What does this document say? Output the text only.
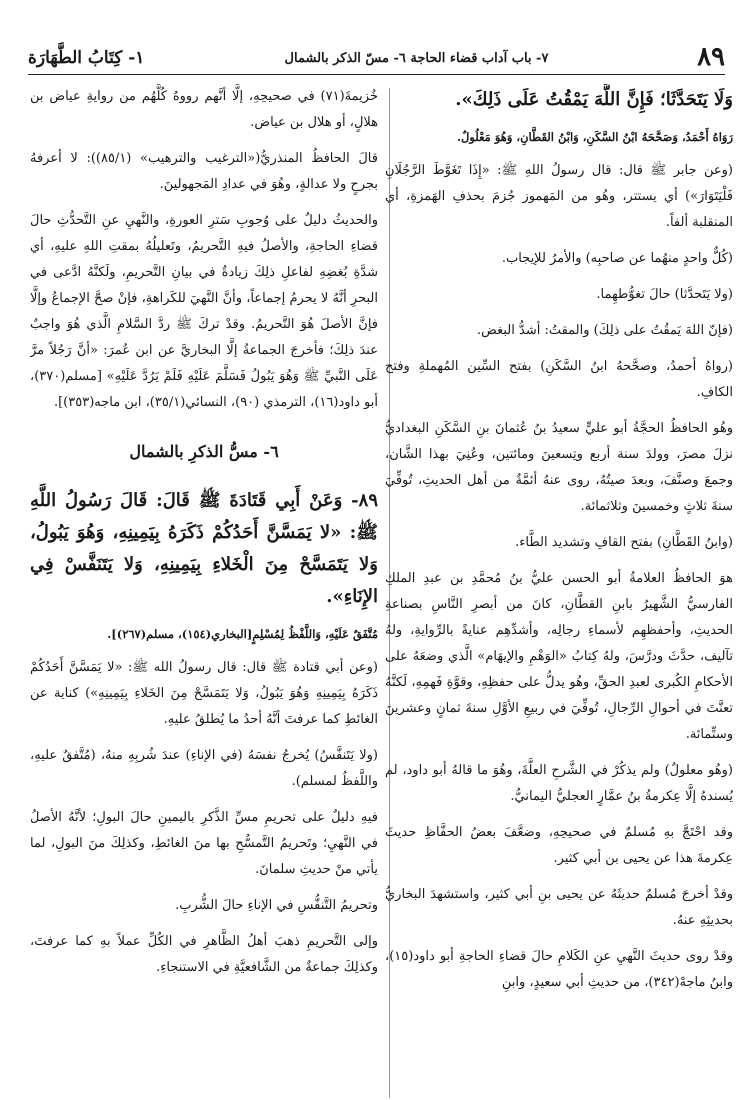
٨٩
٧- باب آداب قضاء الحاجة ٦- مسّ الذكر بالشمال
١- كِتَابُ الطَّهَارَة

وَلَا يَتَحَدَّثَا؛ فَإِنَّ اللَّهَ يَمْقُتُ عَلَى ذَلِكَ».

رَوَاهُ أَحْمَدُ، وَصَحَّحَهُ ابْنُ السَّكَنِ، وَابْنُ القَطَّانِ، وَهُوَ مَعْلُولٌ.

(وعن جابر ﷺ قال: قال رسولُ اللهِ ﷺ: «إِذَا تَغَوَّطَ الرَّجُلَانِ فَلْيَتَوَارَ») أي يستتر، وهُو من المَهموز جُزمَ بحذفِ الهَمزةِ، أي المنقلبة ألفاً.

(كُلٌّ واحدٍ منهُما عن صاحبِه) والأمرُ للإيجاب.

(ولا يَتَحدَّثا) حالَ تغوُّطهِما.

(فإنّ اللهَ يَمقُتُ على ذلِكَ) والمقتُ: أشدُّ البغض.

(رواهُ أحمدُ، وصحَّحهُ ابنُ السَّكَنِ) بفتح السِّين المُهملةِ وفتح الكافِ.

وهُو الحافظُ الحجَّةُ أبو عليٍّ سعيدُ بنُ عُثمانَ بنِ السَّكَنِ البغداديُّ نزلَ مصرَ، وولدَ سنة أربع وتِسعينَ ومائتين، وعُنِيَ بهذا الشَّان، وجمعَ وصنَّفَ، وبعدَ صيتُهُ، روى عنهُ أئمَّةٌ من أهل الحديثِ، تُوفِّيَ سنةَ ثلاثٍ وخمسينَ وثلاثمائة.

(وابنُ القَطَّانِ) بفتح القافِ وتشديد الطَّاء.

هوَ الحافظُ العلامةُ أبو الحسن عليُّ بنُ مُحمَّدِ بن عبدِ الملكِ الفارسيُّ الشَّهيرُ بابنِ القطَّانِ، كانَ من أبصرِ النَّاسِ بصناعةِ الحديثِ، وأحفظهِم لأسماءِ رجالِه، وأشدِّهِم عنايةً بالرِّوايةِ، ولهُ تآليف، حدَّثَ ودرَّسَ، ولهُ كِتابُ «الوَهْمِ والإيهَام» الَّذي وضعَهُ على الأحكامِ الكُبرى لعبدِ الحقِّ، وهُو يدلُّ على حفظِهِ، وقوَّةِ فَهمِهِ، لَكنَّهُ تعنَّتَ في أحوالِ الرِّجالِ، تُوفِّيَ في ربيعِ الأوَّلِ سنةَ ثمانٍ وعشرينَ وستِّمائة.

(وهُو معلولٌ) ولم يذكُرْ في الشَّرحِ العلَّةَ، وهُوَ ما قالهُ أبو داود، لم يُسندهُ إلَّا عِكرمةُ بنُ عمَّارٍ العجليُّ اليمانيُّ.

وقد احْتَجَّ بهِ مُسلمٌ في صحيحِهِ، وضعَّفَ بعضُ الحفَّاظِ حديثَ عِكرمةَ هذا عن يحيى بن أبي كثير.

وقدْ أخرجَ مُسلمٌ حديثَهُ عن يحيى بنِ أبي كثير، واستشهدَ البخاريُّ بحديثِهِ عنهُ.

وقدْ روى حديثَ النَّهيِ عنِ الكَلامِ حالَ قضاءِ الحاجةِ أبو داود(١٥)، وابنُ ماجهْ(٣٤٢)، من حديثِ أبي سعيدٍ، وابنِ

خُزيمةَ(٧١) في صحيحِهِ، إلَّا أنَّهم رووهُ كُلَّهُم من روايةِ عياض بن هلالٍ، أو هلال بن عياض.

قالَ الحافظُ المنذريُّ(«الترغيب والترهيب» (٨٥/١)): لا أعرفهُ بجرحٍ ولا عدالةٍ، وهُوَ في عدادِ المَجهولينَ.

والحديثُ دليلٌ على وُجوبِ سَترِ العورةِ، والنَّهيِ عنِ التَّحدُّثِ حالَ قضاءِ الحاجةِ، والأصلُ فيهِ التَّحريمُ، وتَعليلُهُ بمقتِ اللهِ عليهِ، أي شدَّةِ بُغضِهِ لفاعلِ ذلِكَ زيادةٌ في بيانِ التَّحريمِ، ولَكنَّهُ ادَّعى في البحرِ أنَّهُ لا يحرمُ إجماعاً، وأنَّ النَّهيَ للكَراهةِ، فإنْ صحَّ الإجماعُ وإلَّا فإنَّ الأصلَ هُوَ التَّحريمُ. وقدْ تركَ ﷺ ردَّ السَّلامِ الَّذي هُوَ واجبٌ عندَ ذلِكَ؛ فأخرجَ الجماعةُ إلَّا البخاريَّ عن ابن عُمرَ: «أنَّ رَجُلاً مرَّ عَلَى النَّبيِّ ﷺ وَهُوَ يَبُولُ فَسَلَّمَ عَلَيْهِ فَلَمْ يَرُدَّ عَلَيْهِ» [مسلم(٣٧٠)، أبو داود(١٦)، الترمذي (٩٠)، النسائي(٣٥/١)، ابن ماجه(٣٥٣)].

٦- مسُّ الذكرِ بالشمال

٨٩- وَعَنْ أَبِي قَتَادَةَ ﷺ قَالَ: قَالَ رَسُولُ اللَّهِ ﷺ: «لا يَمَسَّنَّ أَحَدُكُمْ ذَكَرَهُ بِيَمِينِهِ، وَهُوَ يَبُولُ، وَلا يَتَمَسَّحْ مِنَ الْخَلاءِ بِيَمِينِهِ، وَلا يَتَنَفَّسْ فِي الإِنَاءِ».

مُتَّفَقٌ عَلَيْهِ، وَاللَّفْظُ لِمُسْلِمٍ[البخاري(١٥٤)، مسلم(٢٦٧)].

(وعن أبي قتادة ﷺ قال: قال رسولُ الله ﷺ: «لا يَمَسَّنَّ أَحَدُكُمْ ذَكَرَهُ بِيَمِينِهِ وَهُوَ يَبُولُ، وَلا يَتَمَسَّحْ مِنَ الخَلاءِ بِيَمِينِهِ») كناية عن الغائطِ كما عرفتَ أنَّهُ أحدُ ما يُطلقُ عليهِ.

(ولا يَتَنفَّسُ) يُخرجُ نفسَهُ (في الإناءِ) عندَ شُربِهِ منهُ، (مُتَّفقٌ عليهِ، واللَّفظُ لمسلم).

فيهِ دليلٌ على تحريمِ مسِّ الذَّكرِ باليمينِ حالَ البولِ؛ لأنَّهُ الأصلُ في النَّهيِ؛ وتَحريمُ التَّمسُّحِ بها منَ الغائطِ، وكذلِكَ منَ البولِ، لما يأتي منْ حديثِ سلمانَ.

وتحريمُ التَّنفُّسِ في الإناءِ حالَ الشُّربِ.

وإلى التَّحريمِ ذهبَ أهلُ الظَّاهرِ في الكُلِّ عملاً بهِ كما عرفتَ، وكذلِكَ جماعةٌ من الشَّافعيَّةِ في الاستنجاءِ.
